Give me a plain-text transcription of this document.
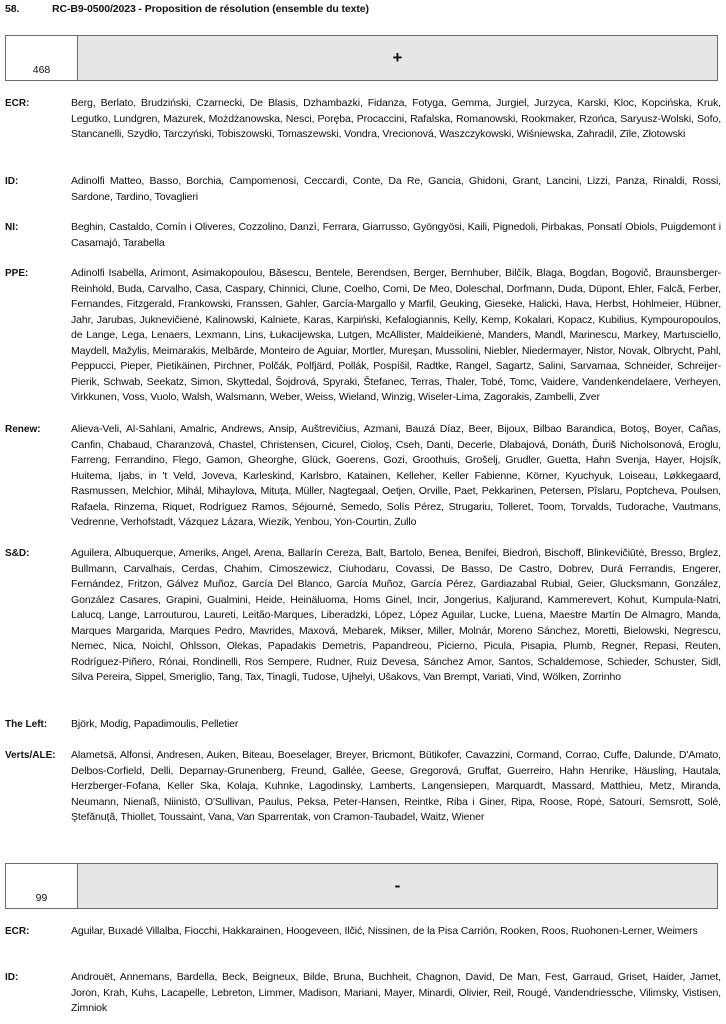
58.	RC-B9-0500/2023 - Proposition de résolution (ensemble du texte)
468
+
ECR:	Berg, Berlato, Brudziński, Czarnecki, De Blasis, Dzhambazki, Fidanza, Fotyga, Gemma, Jurgiel, Jurzyca, Karski, Kloc, Kopcińska, Kruk, Legutko, Lundgren, Mazurek, Możdżanowska, Nesci, Poręba, Procaccini, Rafalska, Romanowski, Rookmaker, Rzońca, Saryusz-Wolski, Sofo, Stancanelli, Szydło, Tarczyński, Tobiszowski, Tomaszewski, Vondra, Vrecionová, Waszczykowski, Wiśniewska, Zahradil, Zīle, Złotowski
ID:	Adinolfi Matteo, Basso, Borchia, Campomenosi, Ceccardi, Conte, Da Re, Gancia, Ghidoni, Grant, Lancini, Lizzi, Panza, Rinaldi, Rossi, Sardone, Tardino, Tovaglieri
NI:	Beghin, Castaldo, Comín i Oliveres, Cozzolino, Danzì, Ferrara, Giarrusso, Gyöngyösi, Kaili, Pignedoli, Pirbakas, Ponsatí Obiols, Puigdemont i Casamajó, Tarabella
PPE:	Adinolfi Isabella, Arimont, Asimakopoulou, Băsescu, Bentele, Berendsen, Berger, Bernhuber, Bilčík, Blaga, Bogdan, Bogovič, Braunsberger-Reinhold, Buda, Carvalho, Casa, Caspary, Chinnici, Clune, Coelho, Comi, De Meo, Doleschal, Dorfmann, Duda, Düpont, Ehler, Falcă, Ferber, Fernandes, Fitzgerald, Frankowski, Franssen, Gahler, García-Margallo y Marfil, Geuking, Gieseke, Halicki, Hava, Herbst, Hohlmeier, Hübner, Jahr, Jarubas, Juknevičienė, Kalinowski, Kalniete, Karas, Karpiński, Kefalogiannis, Kelly, Kemp, Kokalari, Kopacz, Kubilius, Kympouropoulos, de Lange, Lega, Lenaers, Lexmann, Lins, Łukacijewska, Lutgen, McAllister, Maldeikienė, Manders, Mandl, Marinescu, Markey, Martusciello, Maydell, Mažylis, Meimarakis, Melbārde, Monteiro de Aguiar, Mortler, Mureşan, Mussolini, Niebler, Niedermayer, Nistor, Novak, Olbrycht, Pahl, Peppucci, Pieper, Pietikäinen, Pirchner, Polčák, Polfjärd, Pollák, Pospíšil, Radtke, Rangel, Sagartz, Salini, Sarvamaa, Schneider, Schreijer-Pierik, Schwab, Seekatz, Simon, Skyttedal, Šojdrová, Spyraki, Štefanec, Terras, Thaler, Tobé, Tomc, Vaidere, Vandenkendelaere, Verheyen, Virkkunen, Voss, Vuolo, Walsh, Walsmann, Weber, Weiss, Wieland, Winzig, Wiseler-Lima, Zagorakis, Zambelli, Zver
Renew:	Alieva-Veli, Al-Sahlani, Amalric, Andrews, Ansip, Auštrevičius, Azmani, Bauzá Díaz, Beer, Bijoux, Bilbao Barandica, Botoş, Boyer, Cañas, Canfin, Chabaud, Charanzová, Chastel, Christensen, Cicurel, Cioloş, Cseh, Danti, Decerle, Dlabajová, Donáth, Ďuriš Nicholsonová, Eroglu, Farreng, Ferrandino, Flego, Gamon, Gheorghe, Glück, Goerens, Gozi, Groothuis, Grošelj, Grudler, Guetta, Hahn Svenja, Hayer, Hojsík, Huitema, Ijabs, in 't Veld, Joveva, Karleskind, Karlsbro, Katainen, Kelleher, Keller Fabienne, Körner, Kyuchyuk, Loiseau, Løkkegaard, Rasmussen, Melchior, Mihál, Mihaylova, Mituța, Müller, Nagtegaal, Oetjen, Orville, Paet, Pekkarinen, Petersen, Pîslaru, Poptcheva, Poulsen, Rafaela, Rinzema, Riquet, Rodríguez Ramos, Séjourné, Semedo, Solís Pérez, Strugariu, Tolleret, Toom, Torvalds, Tudorache, Vautmans, Vedrenne, Verhofstadt, Vázquez Lázara, Wiezik, Yenbou, Yon-Courtin, Zullo
S&D:	Aguilera, Albuquerque, Ameriks, Angel, Arena, Ballarín Cereza, Balt, Bartolo, Benea, Benifei, Biedroń, Bischoff, Blinkevičiūtė, Bresso, Brglez, Bullmann, Carvalhais, Cerdas, Chahim, Cimoszewicz, Ciuhodaru, Covassi, De Basso, De Castro, Dobrev, Durá Ferrandis, Engerer, Fernández, Fritzon, Gálvez Muñoz, García Del Blanco, García Muñoz, García Pérez, Gardiazabal Rubial, Geier, Glucksmann, González, González Casares, Grapini, Gualmini, Heide, Heinäluoma, Homs Ginel, Incir, Jongerius, Kaljurand, Kammerevert, Kohut, Kumpula-Natri, Lalucq, Lange, Larrouturou, Laureti, Leitão-Marques, Liberadzki, López, López Aguilar, Lucke, Luena, Maestre Martín De Almagro, Manda, Marques Margarida, Marques Pedro, Mavrides, Maxová, Mebarek, Mikser, Miller, Molnár, Moreno Sánchez, Moretti, Bielowski, Negrescu, Nemec, Nica, Noichl, Ohlsson, Olekas, Papadakis Demetris, Papandreou, Picierno, Picula, Pisapia, Plumb, Regner, Repasi, Reuten, Rodríguez-Piñero, Rónai, Rondinelli, Ros Sempere, Rudner, Ruiz Devesa, Sánchez Amor, Santos, Schaldemose, Schieder, Schuster, Sidl, Silva Pereira, Sippel, Smeriglio, Tang, Tax, Tinagli, Tudose, Ujhelyi, Ušakovs, Van Brempt, Variati, Vind, Wölken, Zorrinho
The Left:	Björk, Modig, Papadimoulis, Pelletier
Verts/ALE:	Alametsä, Alfonsi, Andresen, Auken, Biteau, Boeselager, Breyer, Bricmont, Bütikofer, Cavazzini, Cormand, Corrao, Cuffe, Dalunde, D'Amato, Delbos-Corfield, Delli, Deparnay-Grunenberg, Freund, Gallée, Geese, Gregorová, Gruffat, Guerreiro, Hahn Henrike, Häusling, Hautala, Herzberger-Fofana, Keller Ska, Kolaja, Kuhnke, Lagodinsky, Lamberts, Langensiepen, Marquardt, Massard, Matthieu, Metz, Miranda, Neumann, Nienaß, Niinistö, O'Sullivan, Paulus, Peksa, Peter-Hansen, Reintke, Riba i Giner, Ripa, Roose, Ropė, Satouri, Semsrott, Solé, Ştefănuță, Thiollet, Toussaint, Vana, Van Sparrentak, von Cramon-Taubadel, Waitz, Wiener
99
-
ECR:	Aguilar, Buxadé Villalba, Fiocchi, Hakkarainen, Hoogeveen, Ilčić, Nissinen, de la Pisa Carrión, Rooken, Roos, Ruohonen-Lerner, Weimers
ID:	Androuët, Annemans, Bardella, Beck, Beigneux, Bilde, Bruna, Buchheit, Chagnon, David, De Man, Fest, Garraud, Griset, Haider, Jamet, Joron, Krah, Kuhs, Lacapelle, Lebreton, Limmer, Madison, Mariani, Mayer, Minardi, Olivier, Reil, Rougé, Vandendriessche, Vilimsky, Vistisen, Zimniok
